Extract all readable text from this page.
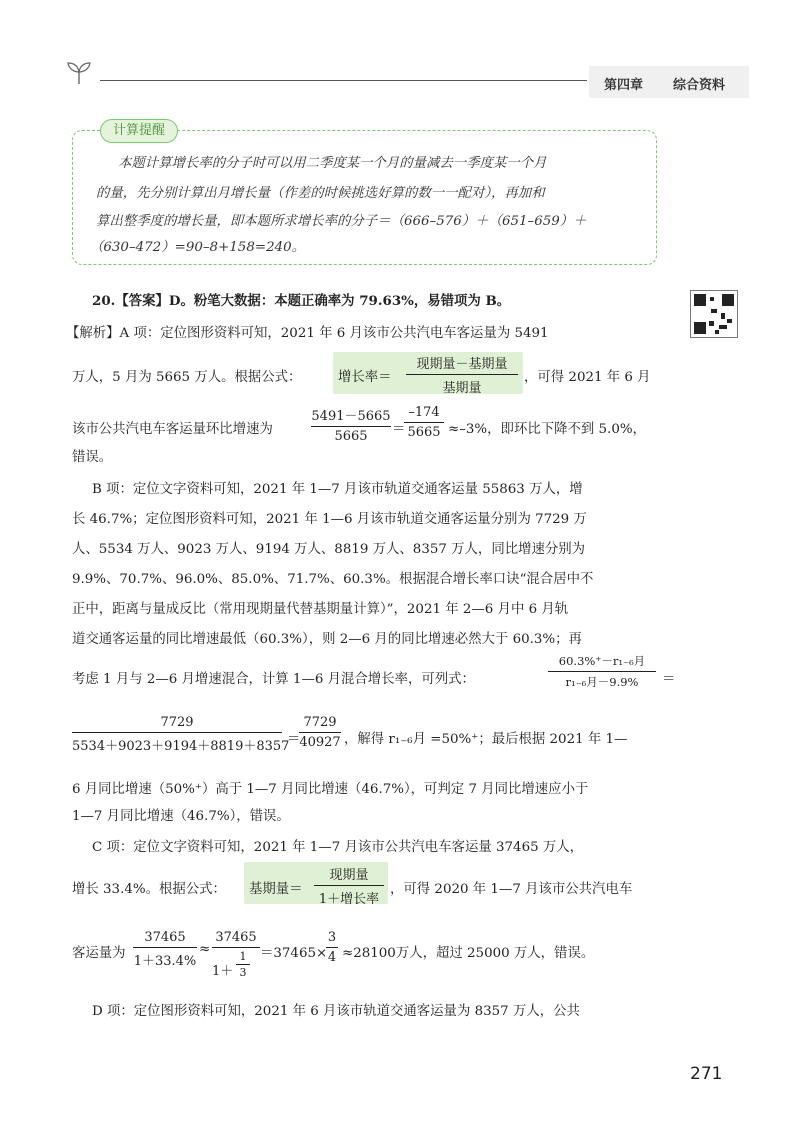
第四章 综合资料
计算提醒
本题计算增长率的分子时可以用二季度某一个月的量减去一季度某一个月
的量，先分别计算出月增长量（作差的时候挑选好算的数一一配对），再加和
算出整季度的增长量，即本题所求增长率的分子＝（666–576）＋（651–659）＋
（630–472）=90–8+158=240。
20.【答案】D。粉笔大数据：本题正确率为 79.63%，易错项为 B。
【解析】A 项：定位图形资料可知，2021 年 6 月该市公共汽电车客运量为 5491
万人，5 月为 5665 万人。根据公式：	增长率＝
现期量－基期量
基期量
，可得 2021 年 6 月
该市公共汽电车客运量环比增速为
5491－5665
5665	＝
–174
5665 ≈–3%，即环比下降不到 5.0%，
错误。
B 项：定位文字资料可知，2021 年 1—7 月该市轨道交通客运量 55863 万人，增
长 46.7%；定位图形资料可知，2021 年 1—6 月该市轨道交通客运量分别为 7729 万
人、5534 万人、9023 万人、9194 万人、8819 万人、8357 万人，同比增速分别为
9.9%、70.7%、96.0%、85.0%、71.7%、60.3%。根据混合增长率口诀“混合居中不
正中，距离与量成反比（常用现期量代替基期量计算）”，2021 年 2—6 月中 6 月轨
道交通客运量的同比增速最低（60.3%），则 2—6 月的同比增速必然大于 60.3%；再
考虑 1 月与 2—6 月增速混合，计算 1—6 月混合增长率，可列式：
60.3%⁺－r₁₋₆月
r₁₋₆月－9.9%	＝
7729
5534＋9023＋9194＋8819＋8357
＝
7729
40927 ，解得 r₁₋₆月 =50%⁺；最后根据 2021 年 1—
6 月同比增速（50%⁺）高于 1—7 月同比增速（46.7%），可判定 7 月同比增速应小于
1—7 月同比增速（46.7%），错误。
C 项：定位文字资料可知，2021 年 1—7 月该市公共汽电车客运量 37465 万人，
增长 33.4%。根据公式： 基期量＝
现期量
1＋增长率
，可得 2020 年 1—7 月该市公共汽电车
客运量为
37465
1＋33.4%
≈
37465
1＋
1
3
＝37465×
3
4 ≈28100万人，超过 25000 万人，错误。
D 项：定位图形资料可知，2021 年 6 月该市轨道交通客运量为 8357 万人，公共
271
